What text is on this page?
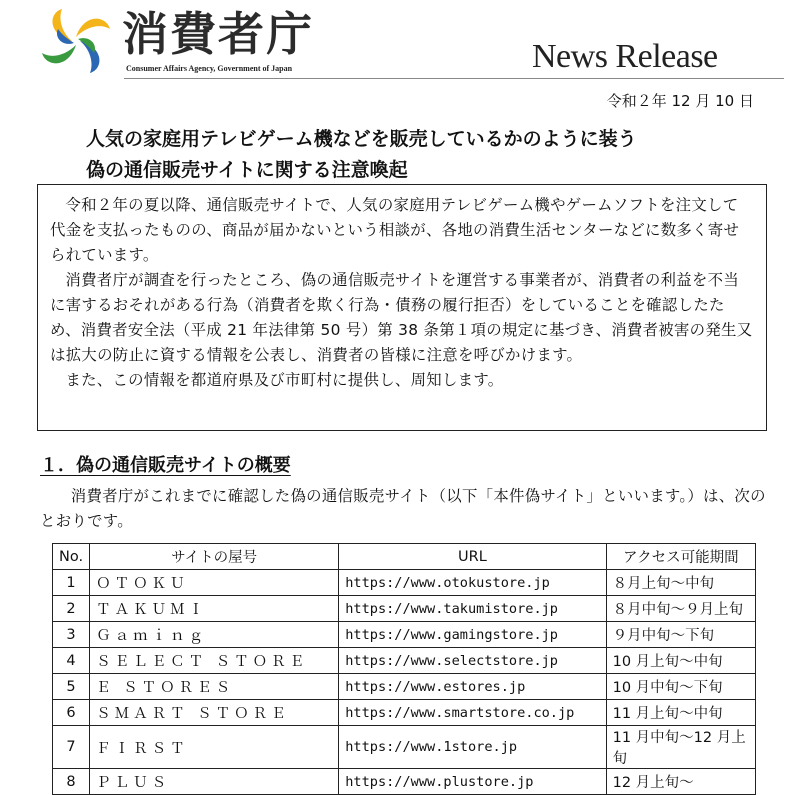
消費者庁
Consumer Affairs Agency, Government of Japan	News Release
令和２年 12 月 10 日
人気の家庭用テレビゲーム機などを販売しているかのように装う
偽の通信販売サイトに関する注意喚起

令和２年の夏以降、通信販売サイトで、人気の家庭用テレビゲーム機やゲームソフトを注文して代金を支払ったものの、商品が届かないという相談が、各地の消費生活センターなどに数多く寄せられています。

消費者庁が調査を行ったところ、偽の通信販売サイトを運営する事業者が、消費者の利益を不当に害するおそれがある行為（消費者を欺く行為・債務の履行拒否）をしていることを確認したため、消費者安全法（平成 21 年法律第 50 号）第 38 条第１項の規定に基づき、消費者被害の発生又は拡大の防止に資する情報を公表し、消費者の皆様に注意を呼びかけます。

また、この情報を都道府県及び市町村に提供し、周知します。

１．偽の通信販売サイトの概要
消費者庁がこれまでに確認した偽の通信販売サイト（以下「本件偽サイト」といいます。）は、次のとおりです。
No.	サイトの屋号	URL	アクセス可能期間
1	ＯＴＯＫＵ	https://www.otokustore.jp	８月上旬～中旬
2	ＴＡＫＵＭＩ	https://www.takumistore.jp	８月中旬～９月上旬
3	Ｇａｍｉｎｇ	https://www.gamingstore.jp	９月中旬～下旬
4	ＳＥＬＥＣＴ ＳＴＯＲＥ	https://www.selectstore.jp	10 月上旬～中旬
5	Ｅ ＳＴＯＲＥＳ	https://www.estores.jp	10 月中旬～下旬
6	ＳＭＡＲＴ ＳＴＯＲＥ	https://www.smartstore.co.jp	11 月上旬～中旬
7	ＦＩＲＳＴ	https://www.1store.jp	11 月中旬～12 月上旬
8	ＰＬＵＳ	https://www.plustore.jp	12 月上旬～
